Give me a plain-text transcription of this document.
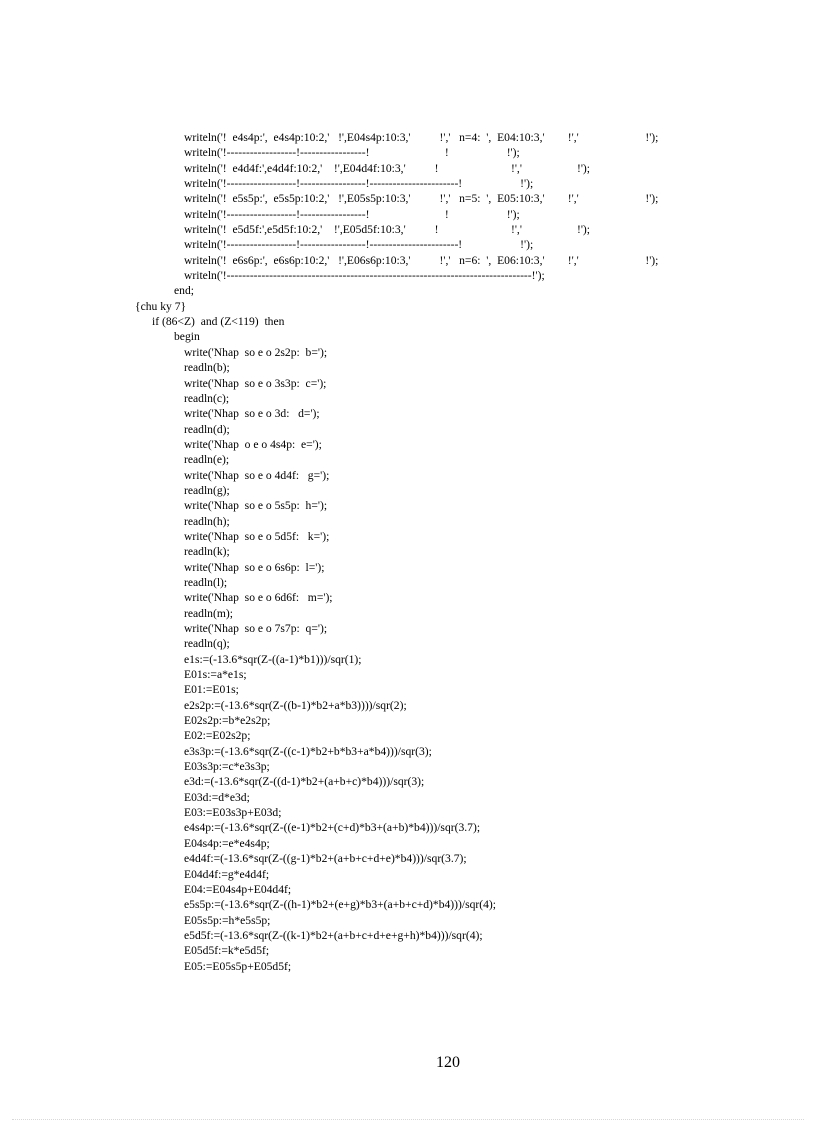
writeln('!  e4s4p:',  e4s4p:10:2,'   !',E04s4p:10:3,'          !','   n=4:  ',  E04:10:3,'        !','                       !');
writeln('!------------------!-----------------!                          !                    !');
writeln('!  e4d4f:',e4d4f:10:2,'    !',E04d4f:10:3,'          !                         !','                   !');
writeln('!------------------!-----------------!-----------------------!                    !');
writeln('!  e5s5p:',  e5s5p:10:2,'   !',E05s5p:10:3,'          !','   n=5:  ',  E05:10:3,'        !','                       !');
writeln('!------------------!-----------------!                          !                    !');
writeln('!  e5d5f:',e5d5f:10:2,'    !',E05d5f:10:3,'          !                         !','                   !');
writeln('!------------------!-----------------!-----------------------!                    !');
writeln('!  e6s6p:',  e6s6p:10:2,'   !',E06s6p:10:3,'          !','   n=6:  ',  E06:10:3,'        !','                       !');
writeln('!-------------------------------------------------------------------------------!');
end;
{chu ky 7}
if (86<Z)  and (Z<119)  then
begin
write('Nhap  so e o 2s2p:  b=');
readln(b);
write('Nhap  so e o 3s3p:  c=');
readln(c);
write('Nhap  so e o 3d:   d=');
readln(d);
write('Nhap  o e o 4s4p:  e=');
readln(e);
write('Nhap  so e o 4d4f:   g=');
readln(g);
write('Nhap  so e o 5s5p:  h=');
readln(h);
write('Nhap  so e o 5d5f:   k=');
readln(k);
write('Nhap  so e o 6s6p:  l=');
readln(l);
write('Nhap  so e o 6d6f:   m=');
readln(m);
write('Nhap  so e o 7s7p:  q=');
readln(q);
e1s:=(-13.6*sqr(Z-((a-1)*b1)))/sqr(1);
E01s:=a*e1s;
E01:=E01s;
e2s2p:=(-13.6*sqr(Z-((b-1)*b2+a*b3))))/sqr(2);
E02s2p:=b*e2s2p;
E02:=E02s2p;
e3s3p:=(-13.6*sqr(Z-((c-1)*b2+b*b3+a*b4)))/sqr(3);
E03s3p:=c*e3s3p;
e3d:=(-13.6*sqr(Z-((d-1)*b2+(a+b+c)*b4)))/sqr(3);
E03d:=d*e3d;
E03:=E03s3p+E03d;
e4s4p:=(-13.6*sqr(Z-((e-1)*b2+(c+d)*b3+(a+b)*b4)))/sqr(3.7);
E04s4p:=e*e4s4p;
e4d4f:=(-13.6*sqr(Z-((g-1)*b2+(a+b+c+d+e)*b4)))/sqr(3.7);
E04d4f:=g*e4d4f;
E04:=E04s4p+E04d4f;
e5s5p:=(-13.6*sqr(Z-((h-1)*b2+(e+g)*b3+(a+b+c+d)*b4)))/sqr(4);
E05s5p:=h*e5s5p;
e5d5f:=(-13.6*sqr(Z-((k-1)*b2+(a+b+c+d+e+g+h)*b4)))/sqr(4);
E05d5f:=k*e5d5f;
E05:=E05s5p+E05d5f;
120
